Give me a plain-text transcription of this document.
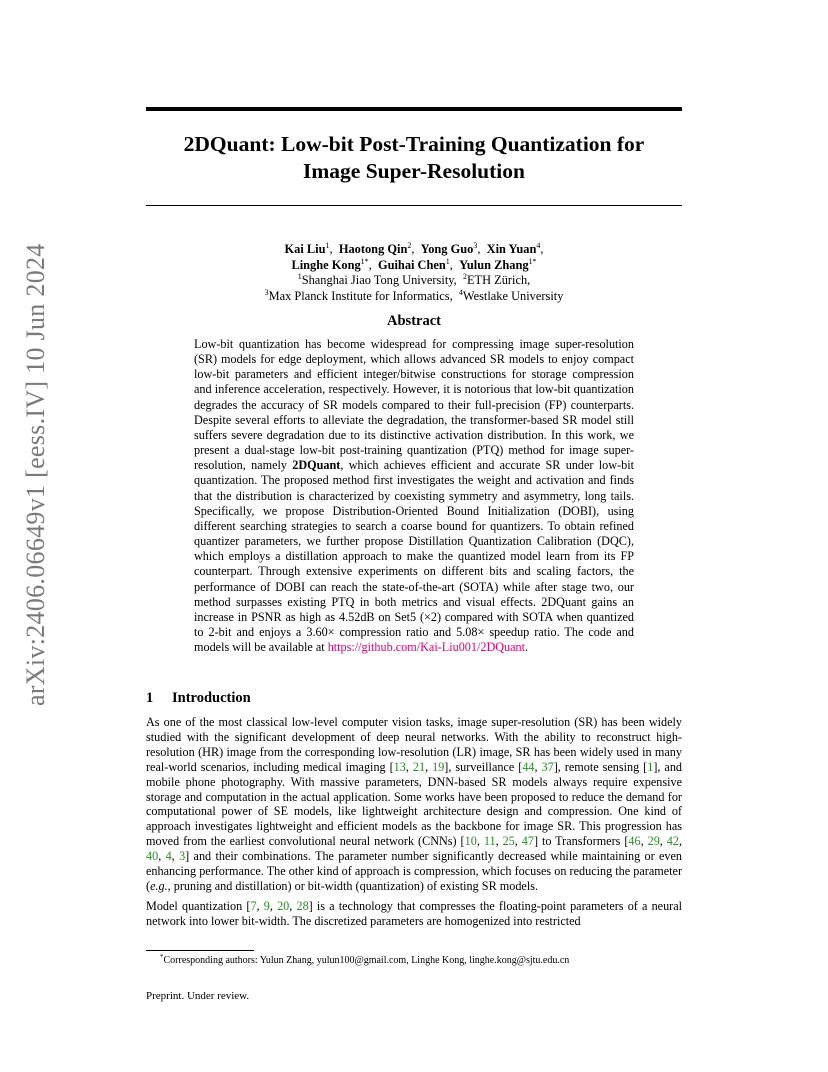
arXiv:2406.06649v1 [eess.IV] 10 Jun 2024
2DQuant: Low-bit Post-Training Quantization for
Image Super-Resolution
Kai Liu$^1$,  Haotong Qin$^2$,  Yong Guo$^3$,  Xin Yuan$^4$,
Linghe Kong$^{1*}$,  Guihai Chen$^1$,  Yulun Zhang$^{1*}$
$^1$Shanghai Jiao Tong University, $^2$ETH Zürich,
$^3$Max Planck Institute for Informatics, $^4$Westlake University
Abstract
Low-bit quantization has become widespread for compressing image super-resolution (SR) models for edge deployment, which allows advanced SR models to enjoy compact low-bit parameters and efficient integer/bitwise constructions for storage compression and inference acceleration, respectively. However, it is notorious that low-bit quantization degrades the accuracy of SR models compared to their full-precision (FP) counterparts. Despite several efforts to alleviate the degradation, the transformer-based SR model still suffers severe degradation due to its distinctive activation distribution. In this work, we present a dual-stage low-bit post-training quantization (PTQ) method for image super-resolution, namely 2DQuant, which achieves efficient and accurate SR under low-bit quantization. The proposed method first investigates the weight and activation and finds that the distribution is characterized by coexisting symmetry and asymmetry, long tails. Specifically, we propose Distribution-Oriented Bound Initialization (DOBI), using different searching strategies to search a coarse bound for quantizers. To obtain refined quantizer parameters, we further propose Distillation Quantization Calibration (DQC), which employs a distillation approach to make the quantized model learn from its FP counterpart. Through extensive experiments on different bits and scaling factors, the performance of DOBI can reach the state-of-the-art (SOTA) while after stage two, our method surpasses existing PTQ in both metrics and visual effects. 2DQuant gains an increase in PSNR as high as 4.52dB on Set5 (×2) compared with SOTA when quantized to 2-bit and enjoys a 3.60× compression ratio and 5.08× speedup ratio. The code and models will be available at https://github.com/Kai-Liu001/2DQuant.
1 Introduction

As one of the most classical low-level computer vision tasks, image super-resolution (SR) has been widely studied with the significant development of deep neural networks. With the ability to reconstruct high-resolution (HR) image from the corresponding low-resolution (LR) image, SR has been widely used in many real-world scenarios, including medical imaging [13, 21, 19], surveillance [44, 37], remote sensing [1], and mobile phone photography. With massive parameters, DNN-based SR models always require expensive storage and computation in the actual application. Some works have been proposed to reduce the demand for computational power of SE models, like lightweight architecture design and compression. One kind of approach investigates lightweight and efficient models as the backbone for image SR. This progression has moved from the earliest convolutional neural network (CNNs) [10, 11, 25, 47] to Transformers [46, 29, 42, 40, 4, 3] and their combinations. The parameter number significantly decreased while maintaining or even enhancing performance. The other kind of approach is compression, which focuses on reducing the parameter (e.g., pruning and distillation) or bit-width (quantization) of existing SR models.

Model quantization [7, 9, 20, 28] is a technology that compresses the floating-point parameters of a neural network into lower bit-width. The discretized parameters are homogenized into restricted

*Corresponding authors: Yulun Zhang, yulun100@gmail.com, Linghe Kong, linghe.kong@sjtu.edu.cn
Preprint. Under review.
